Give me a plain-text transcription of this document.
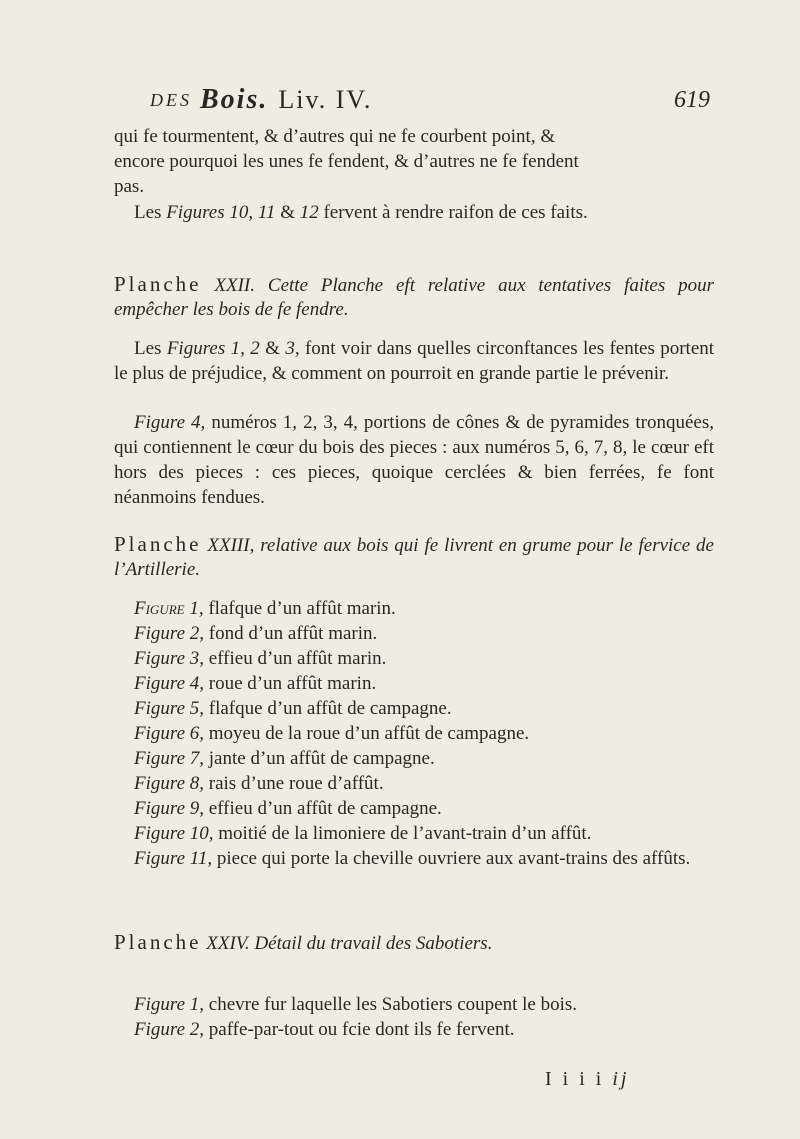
DES Bois. Liv. IV.	619

qui fe tourmentent, & d’autres qui ne fe courbent point, &

encore pourquoi les unes fe fendent, & d’autres ne fe fendent

pas.

Les Figures 10, 11 & 12 fervent à rendre raifon de ces faits.

Planche XXII. Cette Planche eft relative aux tentatives faites pour empêcher les bois de fe fendre.

Les Figures 1, 2 & 3, font voir dans quelles circonftances les fentes portent le plus de préjudice, & comment on pourroit en grande partie le prévenir.

Figure 4, numéros 1, 2, 3, 4, portions de cônes & de pyramides tronquées, qui contiennent le cœur du bois des pieces : aux numéros 5, 6, 7, 8, le cœur eft hors des pieces : ces pieces, quoique cerclées & bien ferrées, fe font néanmoins fendues.

Planche XXIII, relative aux bois qui fe livrent en grume pour le fervice de l’Artillerie.
Figure 1, flafque d’un affût marin.
Figure 2, fond d’un affût marin.
Figure 3, effieu d’un affût marin.
Figure 4, roue d’un affût marin.
Figure 5, flafque d’un affût de campagne.
Figure 6, moyeu de la roue d’un affût de campagne.
Figure 7, jante d’un affût de campagne.
Figure 8, rais d’une roue d’affût.
Figure 9, effieu d’un affût de campagne.
Figure 10, moitié de la limoniere de l’avant-train d’un affût.

Figure 11, piece qui porte la cheville ouvriere aux avant-trains des affûts.

Planche XXIV. Détail du travail des Sabotiers.
Figure 1, chevre fur laquelle les Sabotiers coupent le bois.
Figure 2, paffe-par-tout ou fcie dont ils fe fervent.
I i i i ij
